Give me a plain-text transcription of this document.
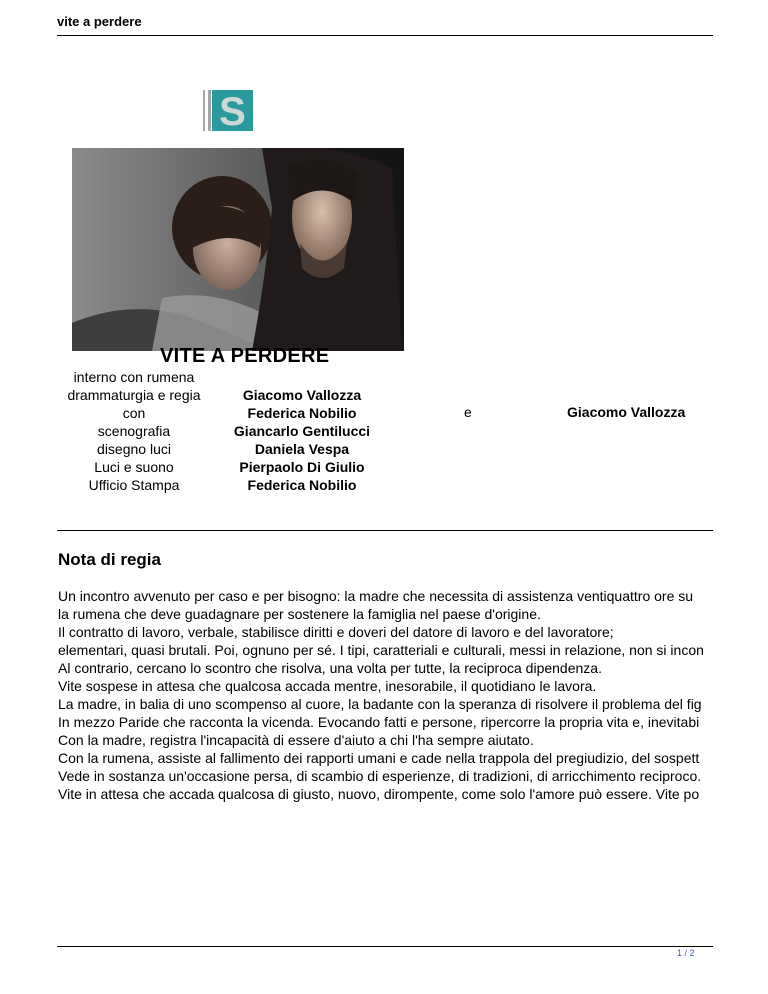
vite a perdere
S
VITE A PERDERE
interno con rumena
drammaturgia e regia
con
scenografia
disegno luci
Luci e suono
Ufficio Stampa
Giacomo Vallozza
Federica Nobilio
Giancarlo Gentilucci
Daniela Vespa
Pierpaolo Di Giulio
Federica Nobilio
e	Giacomo Vallozza
Nota di regia
Un incontro avvenuto per caso e per bisogno: la madre che necessita di assistenza ventiquattro ore su
la rumena che deve guadagnare per sostenere la famiglia nel paese d'origine.
Il contratto di lavoro, verbale, stabilisce diritti e doveri del datore di lavoro e del lavoratore;
elementari, quasi brutali. Poi, ognuno per sé. I tipi, caratteriali e culturali, messi in relazione, non si incon
Al contrario, cercano lo scontro che risolva, una volta per tutte, la reciproca dipendenza.
Vite sospese in attesa che qualcosa accada mentre, inesorabile, il quotidiano le lavora.
La madre, in balia di uno scompenso al cuore, la badante con la speranza di risolvere il problema del fig
In mezzo Paride che racconta la vicenda. Evocando fatti e persone, ripercorre la propria vita e, inevitabi
Con la madre, registra l'incapacità di essere d'aiuto a chi l'ha sempre aiutato.
Con la rumena, assiste al fallimento dei rapporti umani e cade nella trappola del pregiudizio, del sospett
Vede in sostanza un'occasione persa, di scambio di esperienze, di tradizioni, di arricchimento reciproco.
Vite in attesa che accada qualcosa di giusto, nuovo, dirompente, come solo l'amore può essere. Vite po
1 / 2
